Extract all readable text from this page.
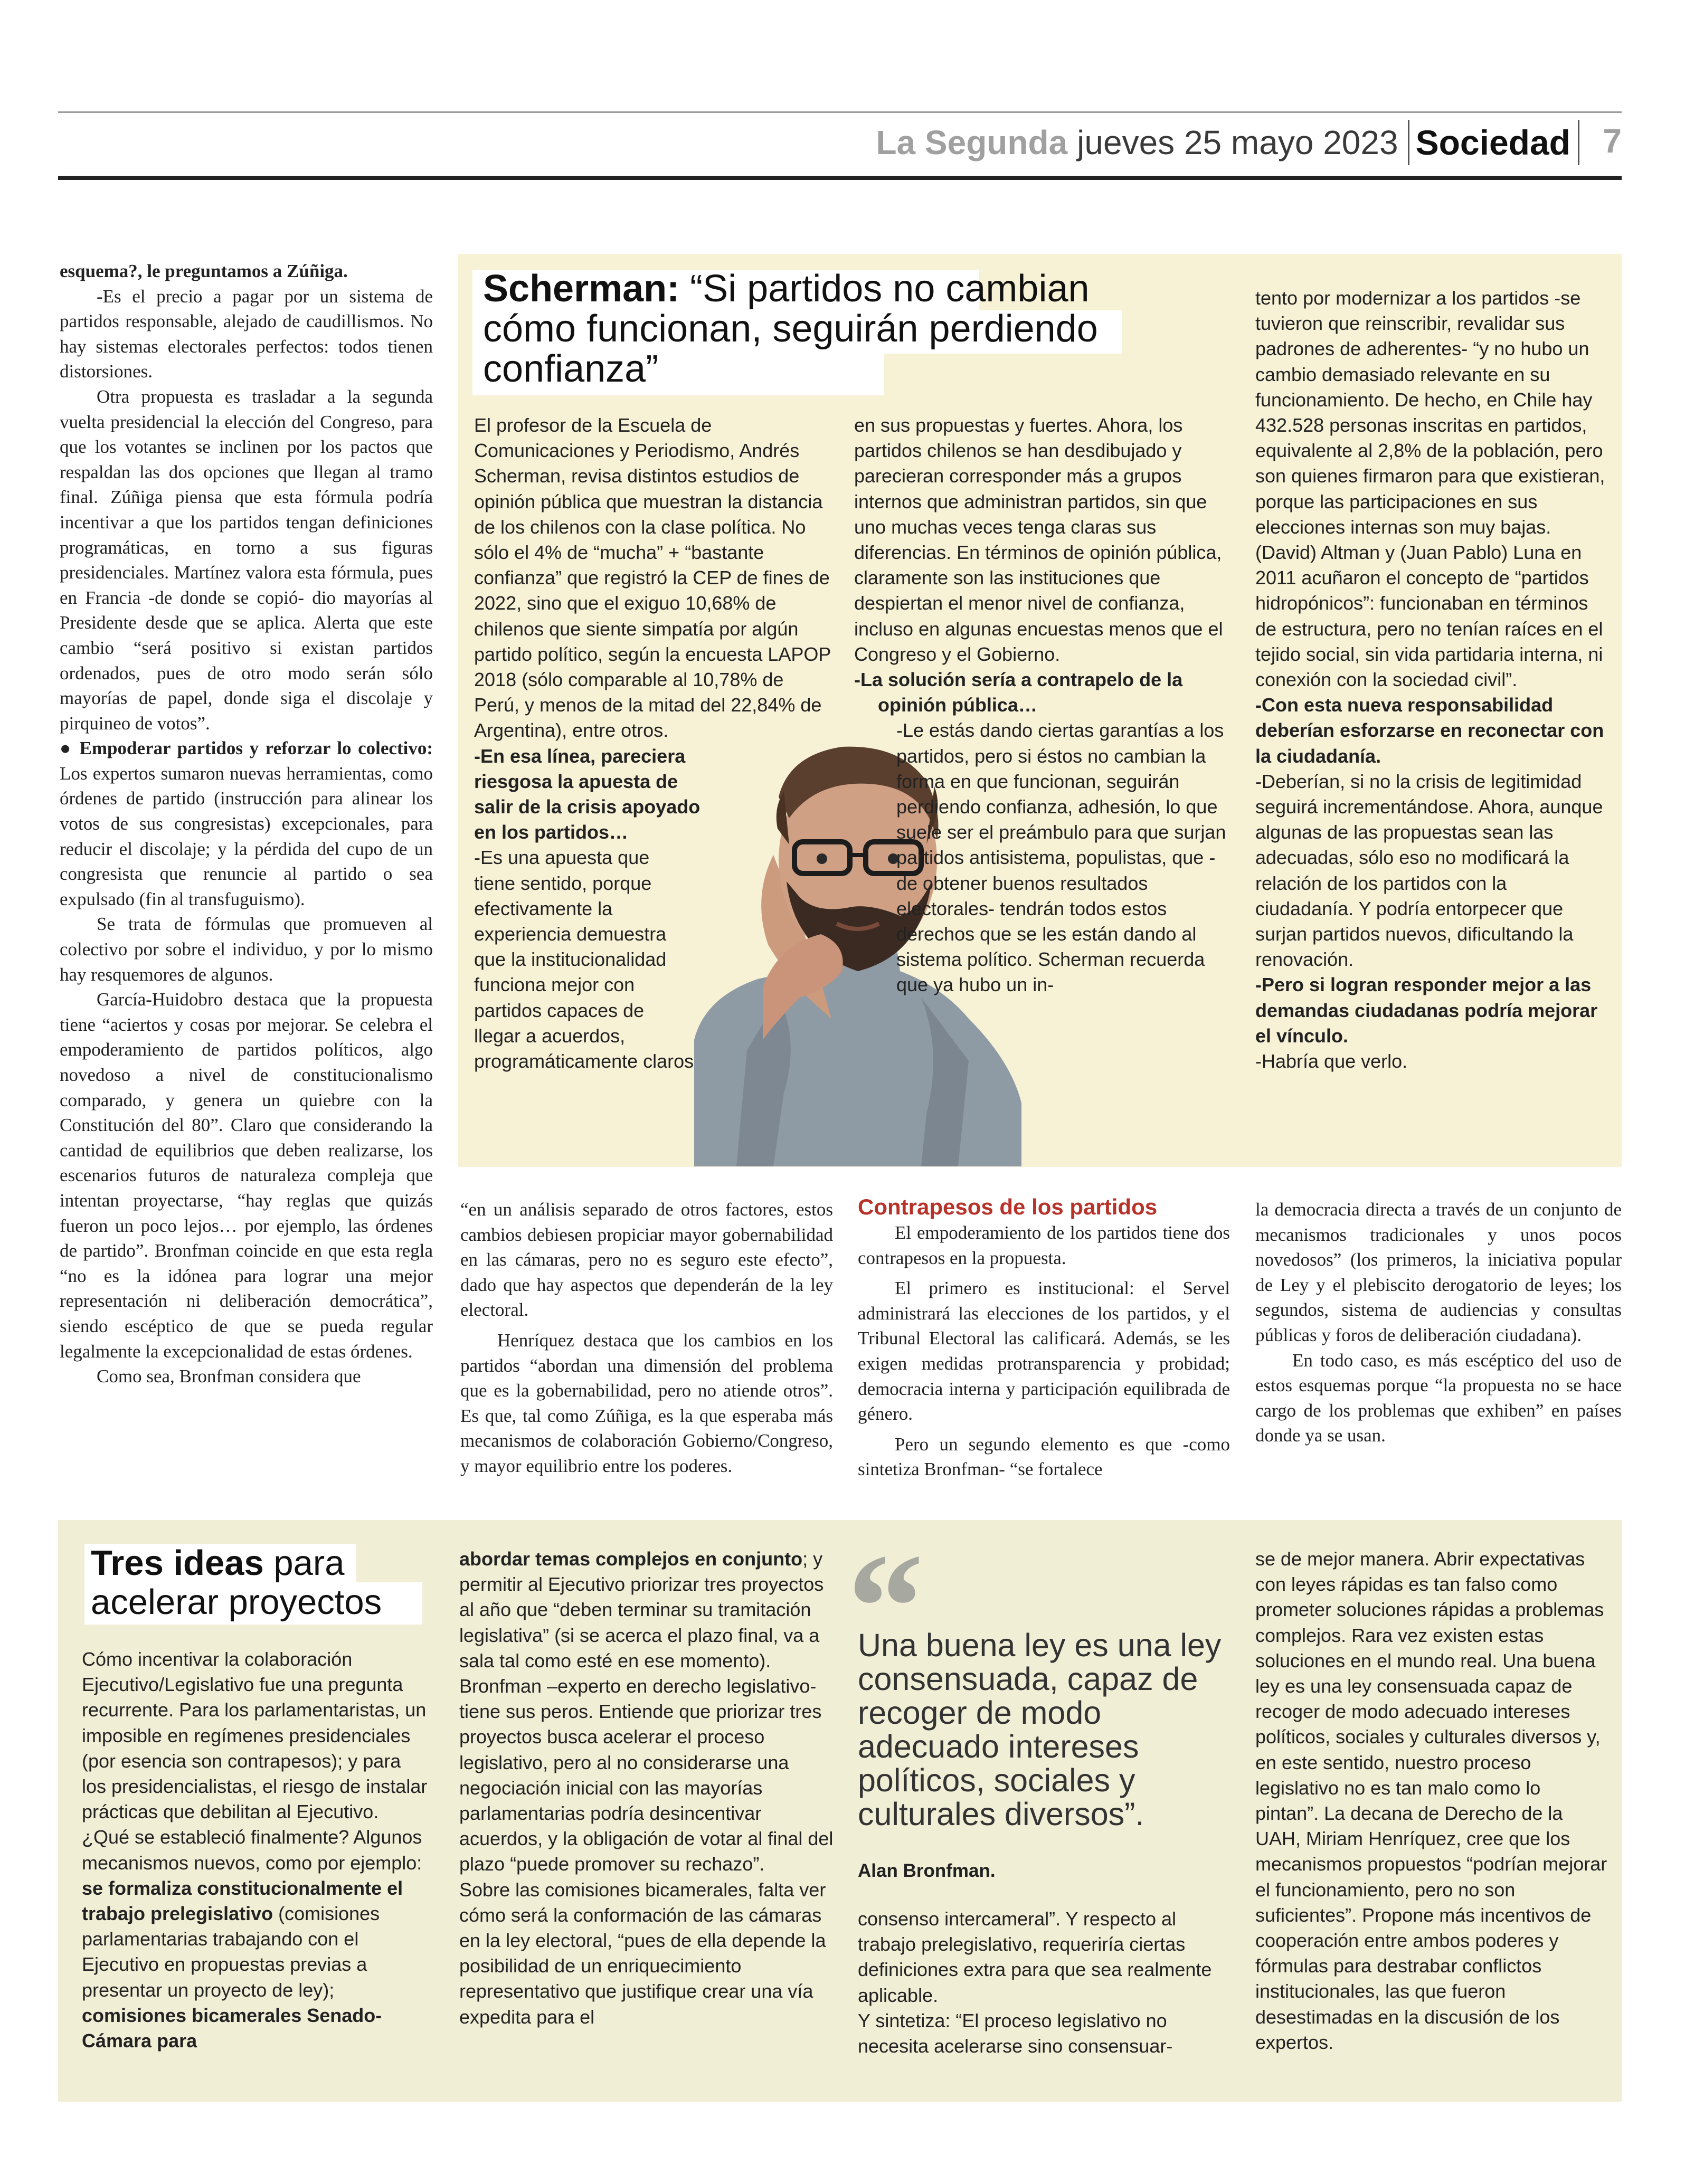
La Segunda jueves 25 mayo 2023 Sociedad 7

esquema?, le preguntamos a Zúñiga.

-Es el precio a pagar por un sistema de partidos responsable, alejado de caudillismos. No hay sistemas electorales perfectos: todos tienen distorsiones.

Otra propuesta es trasladar a la segunda vuelta presidencial la elección del Congreso, para que los votantes se inclinen por los pactos que respaldan las dos opciones que llegan al tramo final. Zúñiga piensa que esta fórmula podría incentivar a que los partidos tengan definiciones programáticas, en torno a sus figuras presidenciales. Martínez valora esta fórmula, pues en Francia -de donde se copió- dio mayorías al Presidente desde que se aplica. Alerta que este cambio “será positivo si existan partidos ordenados, pues de otro modo serán sólo mayorías de papel, donde siga el discolaje y pirquineo de votos”.

● Empoderar partidos y reforzar lo colectivo: Los expertos sumaron nuevas herramientas, como órdenes de partido (instrucción para alinear los votos de sus congresistas) excepcionales, para reducir el discolaje; y la pérdida del cupo de un congresista que renuncie al partido o sea expulsado (fin al transfuguismo).

Se trata de fórmulas que promueven al colectivo por sobre el individuo, y por lo mismo hay resquemores de algunos.

García-Huidobro destaca que la propuesta tiene “aciertos y cosas por mejorar. Se celebra el empoderamiento de partidos políticos, algo novedoso a nivel de constitucionalismo comparado, y genera un quiebre con la Constitución del 80”. Claro que considerando la cantidad de equilibrios que deben realizarse, los escenarios futuros de naturaleza compleja que intentan proyectarse, “hay reglas que quizás fueron un poco lejos… por ejemplo, las órdenes de partido”. Bronfman coincide en que esta regla “no es la idónea para lograr una mejor representación ni deliberación democrática”, siendo escéptico de que se pueda regular legalmente la excepcionalidad de estas órdenes.

Como sea, Bronfman considera que

Scherman: “Si partidos no cambian cómo funcionan, seguirán perdiendo confianza”

El profesor de la Escuela de Comunicaciones y Periodismo, Andrés Scherman, revisa distintos estudios de opinión pública que muestran la distancia de los chilenos con la clase política. No sólo el 4% de “mucha” + “bastante confianza” que registró la CEP de fines de 2022, sino que el exiguo 10,68% de chilenos que siente simpatía por algún partido político, según la encuesta LAPOP 2018 (sólo comparable al 10,78% de Perú, y menos de la mitad del 22,84% de Argentina), entre otros.

-En esa línea, pareciera riesgosa la apuesta de salir de la crisis apoyado en los partidos…

-Es una apuesta que tiene sentido, porque efectivamente la experiencia demuestra que la institucionalidad funciona mejor con partidos capaces de llegar a acuerdos, programáticamente claros

en sus propuestas y fuertes. Ahora, los partidos chilenos se han desdibujado y parecieran corresponder más a grupos internos que administran partidos, sin que uno muchas veces tenga claras sus diferencias. En términos de opinión pública, claramente son las instituciones que despiertan el menor nivel de confianza, incluso en algunas encuestas menos que el Congreso y el Gobierno.

-La solución sería a contrapelo de la opinión pública…

-Le estás dando ciertas garantías a los partidos, pero si éstos no cambian la forma en que funcionan, seguirán perdiendo confianza, adhesión, lo que suele ser el preámbulo para que surjan partidos antisistema, populistas, que -de obtener buenos resultados electorales- tendrán todos estos derechos que se les están dando al sistema político. Scherman recuerda que ya hubo un in-

tento por modernizar a los partidos -se tuvieron que reinscribir, revalidar sus padrones de adherentes- “y no hubo un cambio demasiado relevante en su funcionamiento. De hecho, en Chile hay 432.528 personas inscritas en partidos, equivalente al 2,8% de la población, pero son quienes firmaron para que existieran, porque las participaciones en sus elecciones internas son muy bajas. (David) Altman y (Juan Pablo) Luna en 2011 acuñaron el concepto de “partidos hidropónicos”: funcionaban en términos de estructura, pero no tenían raíces en el tejido social, sin vida partidaria interna, ni conexión con la sociedad civil”.

-Con esta nueva responsabilidad deberían esforzarse en reconectar con la ciudadanía.

-Deberían, si no la crisis de legitimidad seguirá incrementándose. Ahora, aunque algunas de las propuestas sean las adecuadas, sólo eso no modificará la relación de los partidos con la ciudadanía. Y podría entorpecer que surjan partidos nuevos, dificultando la renovación.

-Pero si logran responder mejor a las demandas ciudadanas podría mejorar el vínculo.

-Habría que verlo.

“en un análisis separado de otros factores, estos cambios debiesen propiciar mayor gobernabilidad en las cámaras, pero no es seguro este efecto”, dado que hay aspectos que dependerán de la ley electoral.

Henríquez destaca que los cambios en los partidos “abordan una dimensión del problema que es la gobernabilidad, pero no atiende otros”. Es que, tal como Zúñiga, es la que esperaba más mecanismos de colaboración Gobierno/Congreso, y mayor equilibrio entre los poderes.

Contrapesos de los partidos

El empoderamiento de los partidos tiene dos contrapesos en la propuesta.

El primero es institucional: el Servel administrará las elecciones de los partidos, y el Tribunal Electoral las calificará. Además, se les exigen medidas protransparencia y probidad; democracia interna y participación equilibrada de género.

Pero un segundo elemento es que -como sintetiza Bronfman- “se fortalece

la democracia directa a través de un conjunto de mecanismos tradicionales y unos pocos novedosos” (los primeros, la iniciativa popular de Ley y el plebiscito derogatorio de leyes; los segundos, sistema de audiencias y consultas públicas y foros de deliberación ciudadana).

En todo caso, es más escéptico del uso de estos esquemas porque “la propuesta no se hace cargo de los problemas que exhiben” en países donde ya se usan.

Tres ideas para acelerar proyectos
Cómo incentivar la colaboración Ejecutivo/Legislativo fue una pregunta recurrente. Para los parlamentaristas, un imposible en regímenes presidenciales (por esencia son contrapesos); y para los presidencialistas, el riesgo de instalar prácticas que debilitan al Ejecutivo. ¿Qué se estableció finalmente? Algunos mecanismos nuevos, como por ejemplo: se formaliza constitucionalmente el trabajo prelegislativo (comisiones parlamentarias trabajando con el Ejecutivo en propuestas previas a presentar un proyecto de ley); comisiones bicamerales Senado-Cámara para

abordar temas complejos en conjunto; y permitir al Ejecutivo priorizar tres proyectos al año que “deben terminar su tramitación legislativa” (si se acerca el plazo final, va a sala tal como esté en ese momento).

Bronfman –experto en derecho legislativo- tiene sus peros. Entiende que priorizar tres proyectos busca acelerar el proceso legislativo, pero al no considerarse una negociación inicial con las mayorías parlamentarias podría desincentivar acuerdos, y la obligación de votar al final del plazo “puede promover su rechazo”.

Sobre las comisiones bicamerales, falta ver cómo será la conformación de las cámaras en la ley electoral, “pues de ella depende la posibilidad de un enriquecimiento representativo que justifique crear una vía expedita para el

“
Una buena ley es una ley consensuada, capaz de recoger de modo adecuado intereses políticos, sociales y culturales diversos”.
Alan Bronfman.

consenso intercameral”. Y respecto al trabajo prelegislativo, requeriría ciertas definiciones extra para que sea realmente aplicable.

Y sintetiza: “El proceso legislativo no necesita acelerarse sino consensuar-

se de mejor manera. Abrir expectativas con leyes rápidas es tan falso como prometer soluciones rápidas a problemas complejos. Rara vez existen estas soluciones en el mundo real. Una buena ley es una ley consensuada capaz de recoger de modo adecuado intereses políticos, sociales y culturales diversos y, en este sentido, nuestro proceso legislativo no es tan malo como lo pintan”. La decana de Derecho de la UAH, Miriam Henríquez, cree que los mecanismos propuestos “podrían mejorar el funcionamiento, pero no son suficientes”. Propone más incentivos de cooperación entre ambos poderes y fórmulas para destrabar conflictos institucionales, las que fueron desestimadas en la discusión de los expertos.
